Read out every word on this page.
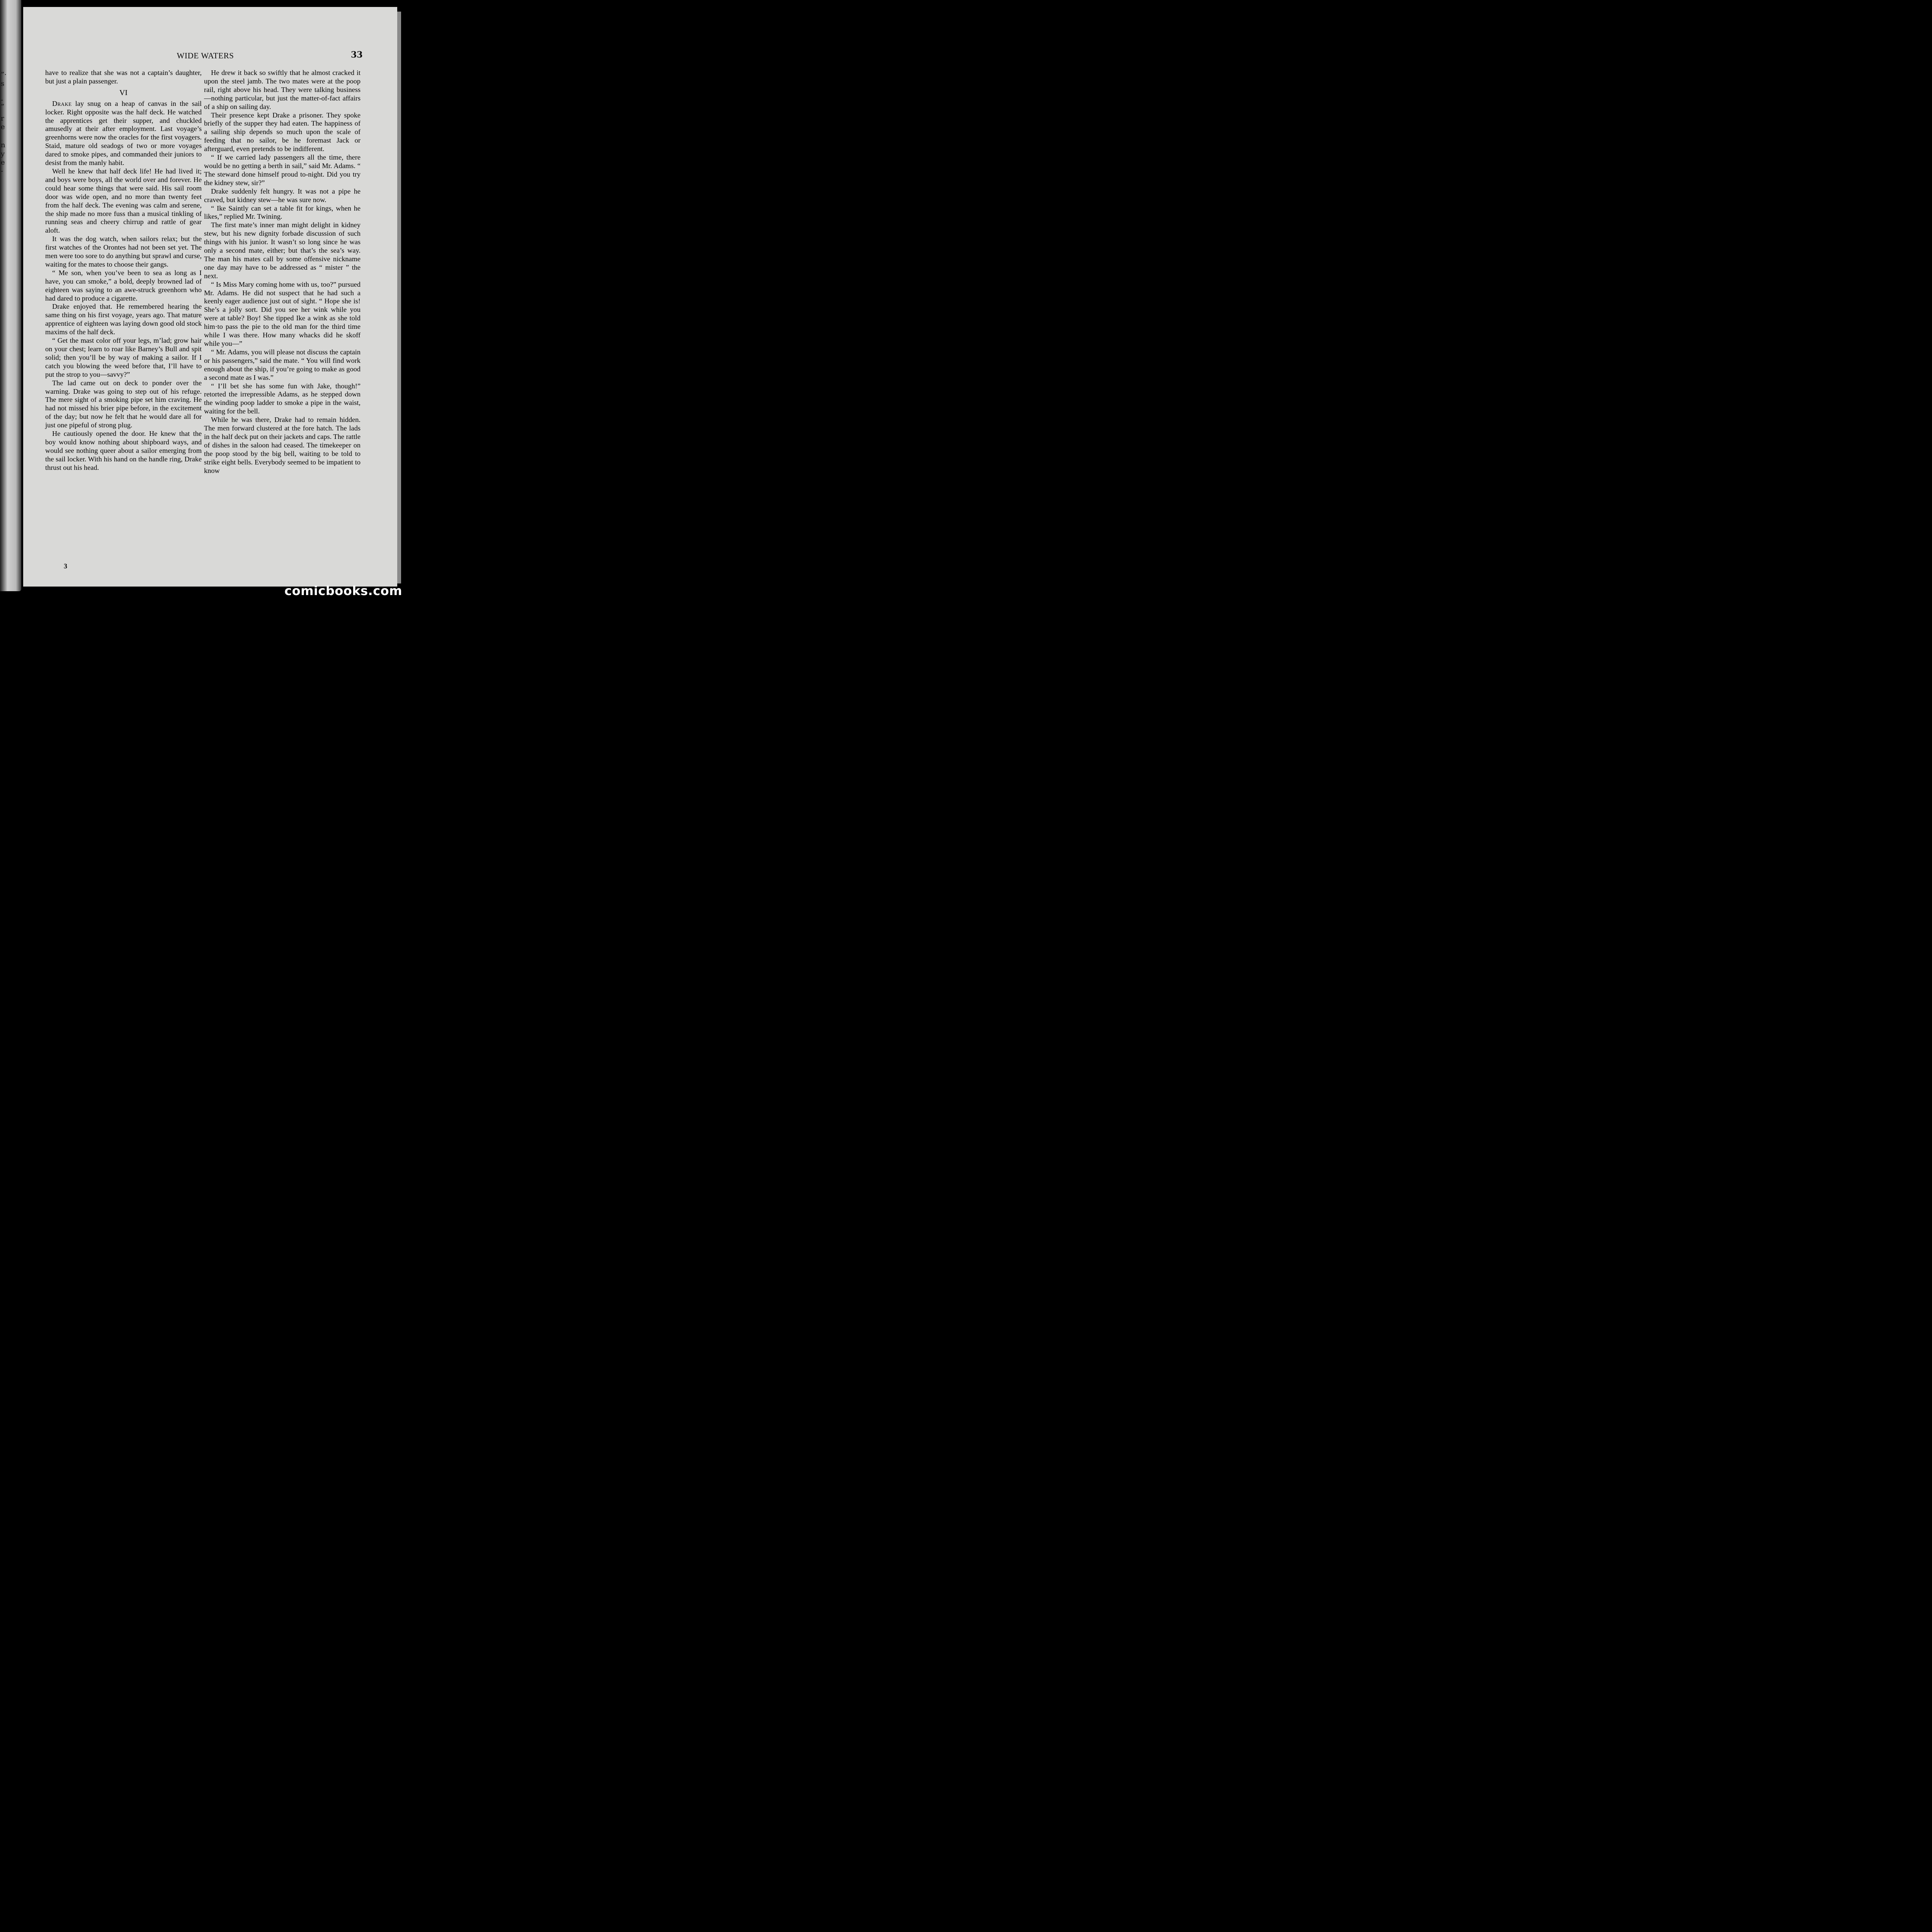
”·
s
-
”
r
e
n
y
e
-
WIDE WATERS	33

have to realize that she was not a captain’s daughter, but just a plain passenger.

VI

Drake lay snug on a heap of canvas in the sail locker. Right opposite was the half deck. He watched the apprentices get their supper, and chuckled amusedly at their after employment. Last voyage’s greenhorns were now the oracles for the first voyagers. Staid, mature old seadogs of two or more voyages dared to smoke pipes, and commanded their juniors to desist from the manly habit.

Well he knew that half deck life! He had lived it; and boys were boys, all the world over and forever. He could hear some things that were said. His sail room door was wide open, and no more than twenty feet from the half deck. The evening was calm and serene, the ship made no more fuss than a musical tinkling of running seas and cheery chirrup and rattle of gear aloft.

It was the dog watch, when sailors relax; but the first watches of the Orontes had not been set yet. The men were too sore to do anything but sprawl and curse, waiting for the mates to choose their gangs.

“ Me son, when you’ve been to sea as long as I have, you can smoke,” a bold, deeply browned lad of eighteen was saying to an awe-struck greenhorn who had dared to produce a cigarette.

Drake enjoyed that. He remembered hearing the same thing on his first voyage, years ago. That mature apprentice of eighteen was laying down good old stock maxims of the half deck.

“ Get the mast color off your legs, m’lad; grow hair on your chest; learn to roar like Barney’s Bull and spit solid; then you’ll be by way of making a sailor. If I catch you blowing the weed before that, I’ll have to put the strop to you—savvy?”

The lad came out on deck to ponder over the warning. Drake was going to step out of his refuge. The mere sight of a smoking pipe set him craving. He had not missed his brier pipe before, in the excitement of the day; but now he felt that he would dare all for just one pipeful of strong plug.

He cautiously opened the door. He knew that the boy would know nothing about shipboard ways, and would see nothing queer about a sailor emerging from the sail locker. With his hand on the handle ring, Drake thrust out his head.

He drew it back so swiftly that he almost cracked it upon the steel jamb. The two mates were at the poop rail, right above his head. They were talking business—nothing particυlar, but just the matter-of-fact affairs of a ship on sailing day.

Their presence kept Drake a prisoner. They spoke briefly of the supper they had eaten. The happiness of a sailing ship depends so much upon the scale of feeding that no sailor, be he foremast Jack or afterguard, even pretends to be indifferent.

“ If we carried lady passengers all the time, there would be no getting a berth in sail,” said Mr. Adams. “ The steward done himself proud to-night. Did you try the kidney stew, sir?”

Drake suddenly felt hungry. It was not a pipe he craved, but kidney stew—he was sure now.

“ Ike Saintly can set a table fit for kings, when he likes,” replied Mr. Twining.

The first mate’s inner man might delight in kidney stew, but his new dignity forbade discussion of such things with his junior. It wasn’t so long since he was only a second mate, either; but that’s the sea’s way. The man his mates call by some offensive nickname one day may have to be addressed as “ mister ” the next.

“ Is Miss Mary coming home with us, too?” pursued Mr. Adams. He did not suspect that he had such a keenly eager audience just out of sight. “ Hope she is! She’s a jolly sort. Did you see her wink while you were at table? Boy! She tipped Ike a wink as she told him·to pass the pie to the old man for the third time while I was there. How many whacks did he skoff while you—”

“ Mr. Adams, you will please not discuss the captain or his passengers,” said the mate. “ You will find work enough about the ship, if you’re going to make as good a second mate as I was.”

“ I’ll bet she has some fun with Jake, though!” retorted the irrepressible Adams, as he stepped down the winding poop ladder to smoke a pipe in the waist, waiting for the bell.

While he was there, Drake had to remain hidden. The men forward clustered at the fore hatch. The lads in the half deck put on their jackets and caps. The rattle of dishes in the saloon had ceased. The timekeeper on the poop stood by the big bell, waiting to be told to strike eight bells. Everybody seemed to be impatient to know

3
comicbooks.com
